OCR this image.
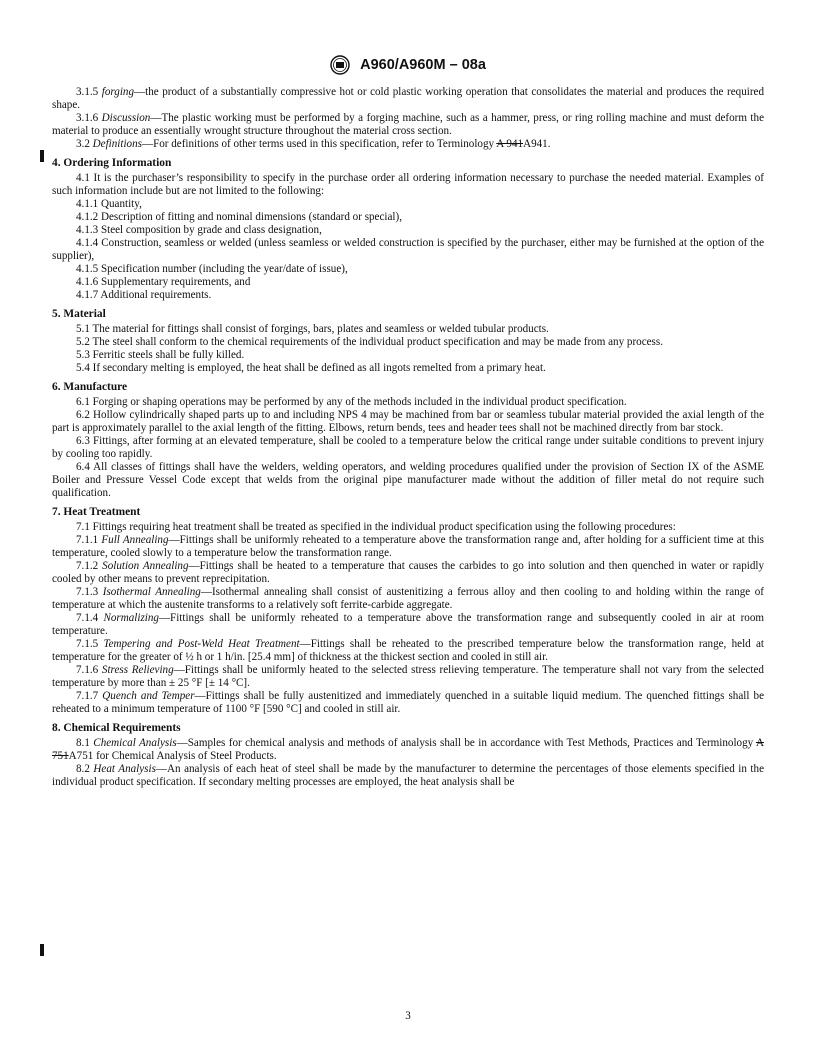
A960/A960M – 08a

3.1.5 forging—the product of a substantially compressive hot or cold plastic working operation that consolidates the material and produces the required shape.

3.1.6 Discussion—The plastic working must be performed by a forging machine, such as a hammer, press, or ring rolling machine and must deform the material to produce an essentially wrought structure throughout the material cross section.

3.2 Definitions—For definitions of other terms used in this specification, refer to Terminology A 941A941.

4. Ordering Information

4.1 It is the purchaser’s responsibility to specify in the purchase order all ordering information necessary to purchase the needed material. Examples of such information include but are not limited to the following:

4.1.1 Quantity,

4.1.2 Description of fitting and nominal dimensions (standard or special),

4.1.3 Steel composition by grade and class designation,

4.1.4 Construction, seamless or welded (unless seamless or welded construction is specified by the purchaser, either may be furnished at the option of the supplier),

4.1.5 Specification number (including the year/date of issue),

4.1.6 Supplementary requirements, and

4.1.7 Additional requirements.

5. Material

5.1 The material for fittings shall consist of forgings, bars, plates and seamless or welded tubular products.

5.2 The steel shall conform to the chemical requirements of the individual product specification and may be made from any process.

5.3 Ferritic steels shall be fully killed.

5.4 If secondary melting is employed, the heat shall be defined as all ingots remelted from a primary heat.

6. Manufacture

6.1 Forging or shaping operations may be performed by any of the methods included in the individual product specification.

6.2 Hollow cylindrically shaped parts up to and including NPS 4 may be machined from bar or seamless tubular material provided the axial length of the part is approximately parallel to the axial length of the fitting. Elbows, return bends, tees and header tees shall not be machined directly from bar stock.

6.3 Fittings, after forming at an elevated temperature, shall be cooled to a temperature below the critical range under suitable conditions to prevent injury by cooling too rapidly.

6.4 All classes of fittings shall have the welders, welding operators, and welding procedures qualified under the provision of Section IX of the ASME Boiler and Pressure Vessel Code except that welds from the original pipe manufacturer made without the addition of filler metal do not require such qualification.

7. Heat Treatment

7.1 Fittings requiring heat treatment shall be treated as specified in the individual product specification using the following procedures:

7.1.1 Full Annealing—Fittings shall be uniformly reheated to a temperature above the transformation range and, after holding for a sufficient time at this temperature, cooled slowly to a temperature below the transformation range.

7.1.2 Solution Annealing—Fittings shall be heated to a temperature that causes the carbides to go into solution and then quenched in water or rapidly cooled by other means to prevent reprecipitation.

7.1.3 Isothermal Annealing—Isothermal annealing shall consist of austenitizing a ferrous alloy and then cooling to and holding within the range of temperature at which the austenite transforms to a relatively soft ferrite-carbide aggregate.

7.1.4 Normalizing—Fittings shall be uniformly reheated to a temperature above the transformation range and subsequently cooled in air at room temperature.

7.1.5 Tempering and Post-Weld Heat Treatment—Fittings shall be reheated to the prescribed temperature below the transformation range, held at temperature for the greater of ½ h or 1 h/in. [25.4 mm] of thickness at the thickest section and cooled in still air.

7.1.6 Stress Relieving—Fittings shall be uniformly heated to the selected stress relieving temperature. The temperature shall not vary from the selected temperature by more than ± 25 °F [± 14 °C].

7.1.7 Quench and Temper—Fittings shall be fully austenitized and immediately quenched in a suitable liquid medium. The quenched fittings shall be reheated to a minimum temperature of 1100 °F [590 °C] and cooled in still air.

8. Chemical Requirements

8.1 Chemical Analysis—Samples for chemical analysis and methods of analysis shall be in accordance with Test Methods, Practices and Terminology A 751A751 for Chemical Analysis of Steel Products.

8.2 Heat Analysis—An analysis of each heat of steel shall be made by the manufacturer to determine the percentages of those elements specified in the individual product specification. If secondary melting processes are employed, the heat analysis shall be

3
